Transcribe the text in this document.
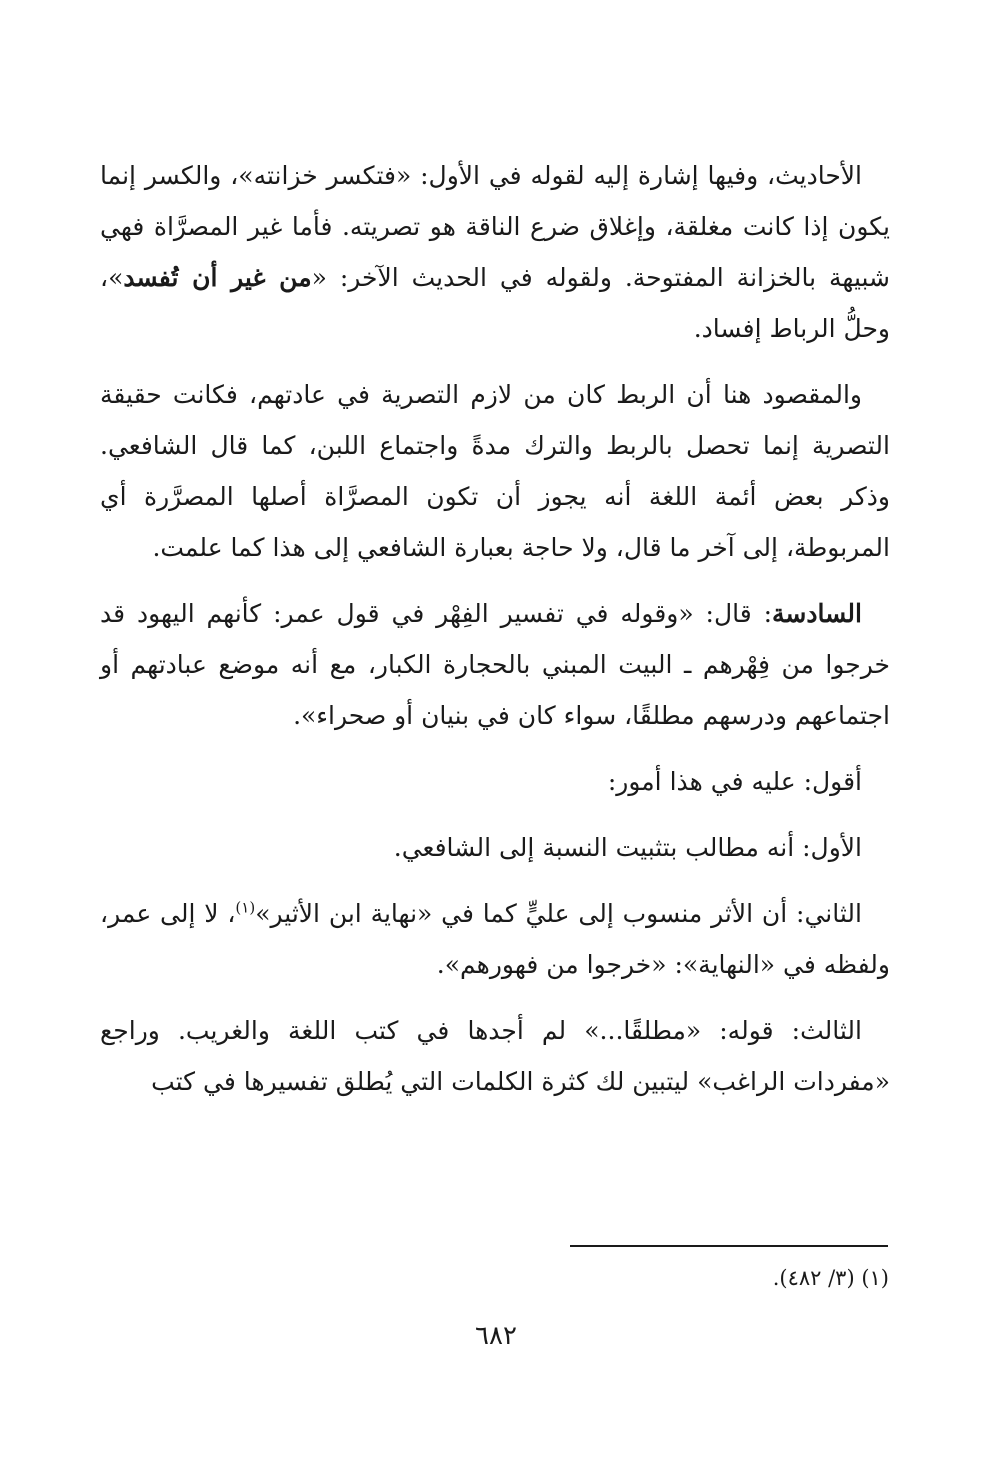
الأحاديث، وفيها إشارة إليه لقوله في الأول: «فتكسر خزانته»، والكسر إنما يكون إذا كانت مغلقة، وإغلاق ضرع الناقة هو تصريته. فأما غير المصرَّاة فهي شبيهة بالخزانة المفتوحة. ولقوله في الحديث الآخر: «من غير أن تُفسد»، وحلُّ الرباط إفساد.

والمقصود هنا أن الربط كان من لازم التصرية في عادتهم، فكانت حقيقة التصرية إنما تحصل بالربط والترك مدةً واجتماع اللبن، كما قال الشافعي. وذكر بعض أئمة اللغة أنه يجوز أن تكون المصرَّاة أصلها المصرَّرة أي المربوطة، إلى آخر ما قال، ولا حاجة بعبارة الشافعي إلى هذا كما علمت.

السادسة: قال: «وقوله في تفسير الفِهْر في قول عمر: كأنهم اليهود قد خرجوا من فِهْرهم ـ البيت المبني بالحجارة الكبار، مع أنه موضع عبادتهم أو اجتماعهم ودرسهم مطلقًا، سواء كان في بنيان أو صحراء».

أقول: عليه في هذا أمور:

الأول: أنه مطالب بتثبيت النسبة إلى الشافعي.

الثاني: أن الأثر منسوب إلى عليٍّ كما في «نهاية ابن الأثير»$^{(١)}$، لا إلى عمر، ولفظه في «النهاية»: «خرجوا من فهورهم».

الثالث: قوله: «مطلقًا...» لم أجدها في كتب اللغة والغريب. وراجع «مفردات الراغب» ليتبين لك كثرة الكلمات التي يُطلق تفسيرها في كتب

(١) (٣/ ٤٨٢).
٦٨٢
